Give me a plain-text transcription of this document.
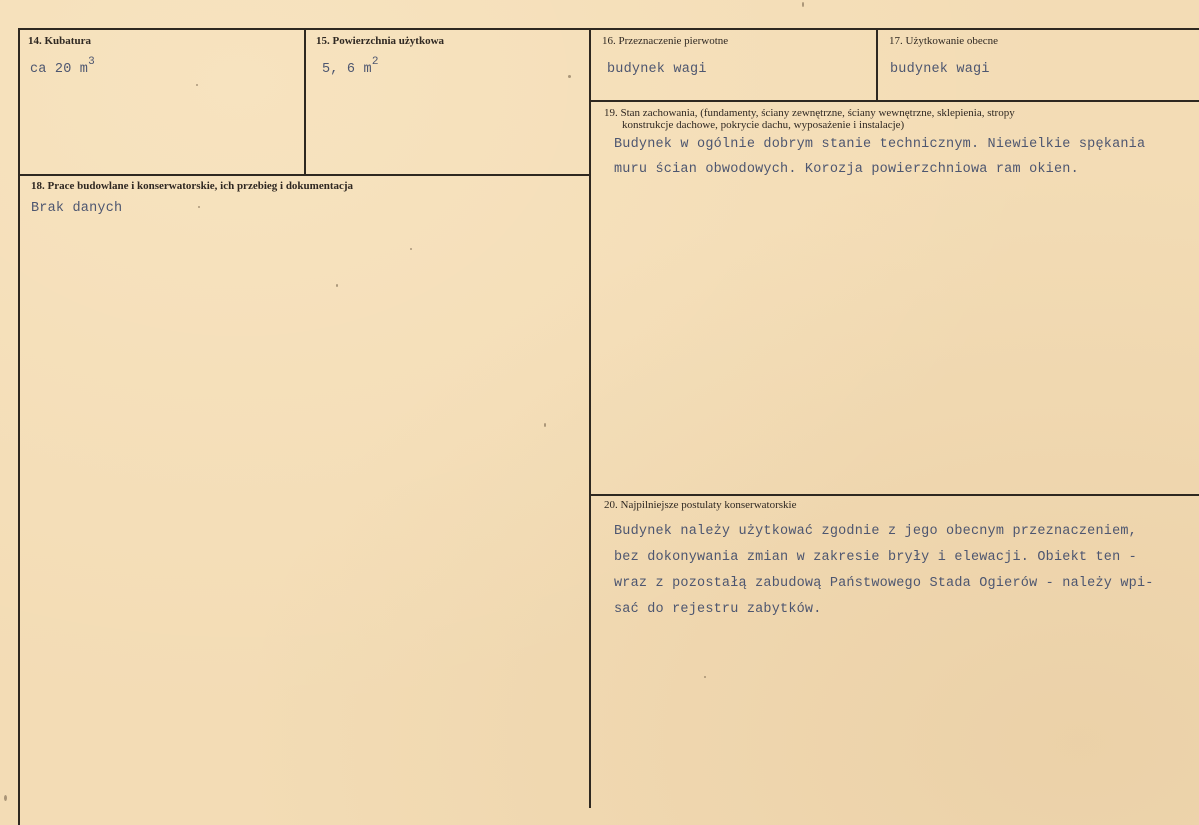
14. Kubatura
ca 20 $m^3$
15. Powierzchnia użytkowa
5, 6 $m^2$
16. Przeznaczenie pierwotne
budynek wagi
17. Użytkowanie obecne
budynek wagi
18. Prace budowlane i konserwatorskie, ich przebieg i dokumentacja
Brak danych
19. Stan zachowania, (fundamenty, ściany zewnętrzne, ściany wewnętrzne, sklepienia, stropy
konstrukcje dachowe, pokrycie dachu, wyposażenie i instalacje)
Budynek w ogólnie dobrym stanie technicznym. Niewielkie spękania
muru ścian obwodowych. Korozja powierzchniowa ram okien.
20. Najpilniejsze postulaty konserwatorskie
Budynek należy użytkować zgodnie z jego obecnym przeznaczeniem,
bez dokonywania zmian w zakresie bryły i elewacji. Obiekt ten -
wraz z pozostałą zabudową Państwowego Stada Ogierów - należy wpi-
sać do rejestru zabytków.
